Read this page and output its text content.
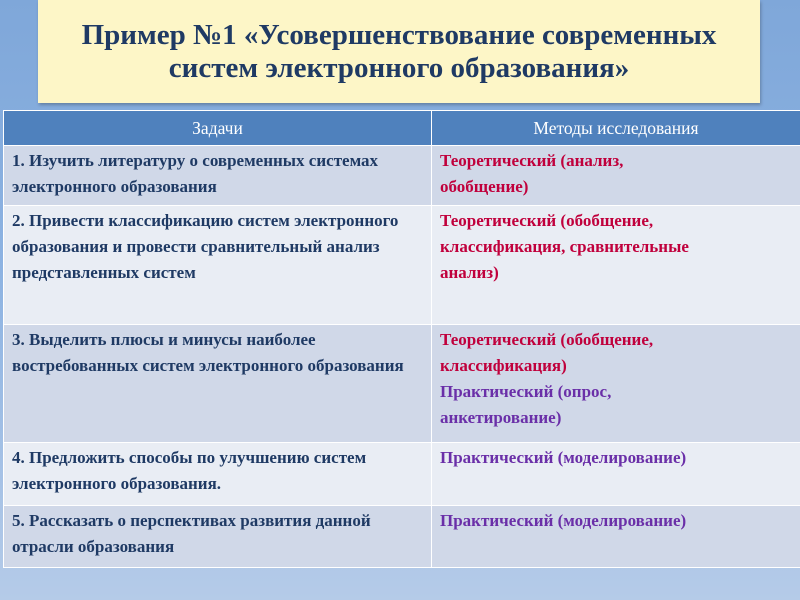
Пример №1 «Усовершенствование современных
систем электронного образования»
Задачи	Методы исследования
1. Изучить литературу о современных системах электронного образования	Теоретический (анализ,
обобщение)

2. Привести классификацию систем электронного образования и провести сравнительный анализ представленных систем	Теоретический (обобщение,
классификация, сравнительные
анализ)

3. Выделить плюсы и минусы наиболее востребованных систем электронного образования	Теоретический (обобщение,
классификация)
Практический (опрос,
анкетирование)

4. Предложить способы по улучшению систем электронного образования.	Практический (моделирование)

5. Рассказать о перспективах развития данной отрасли образования	Практический (моделирование)
